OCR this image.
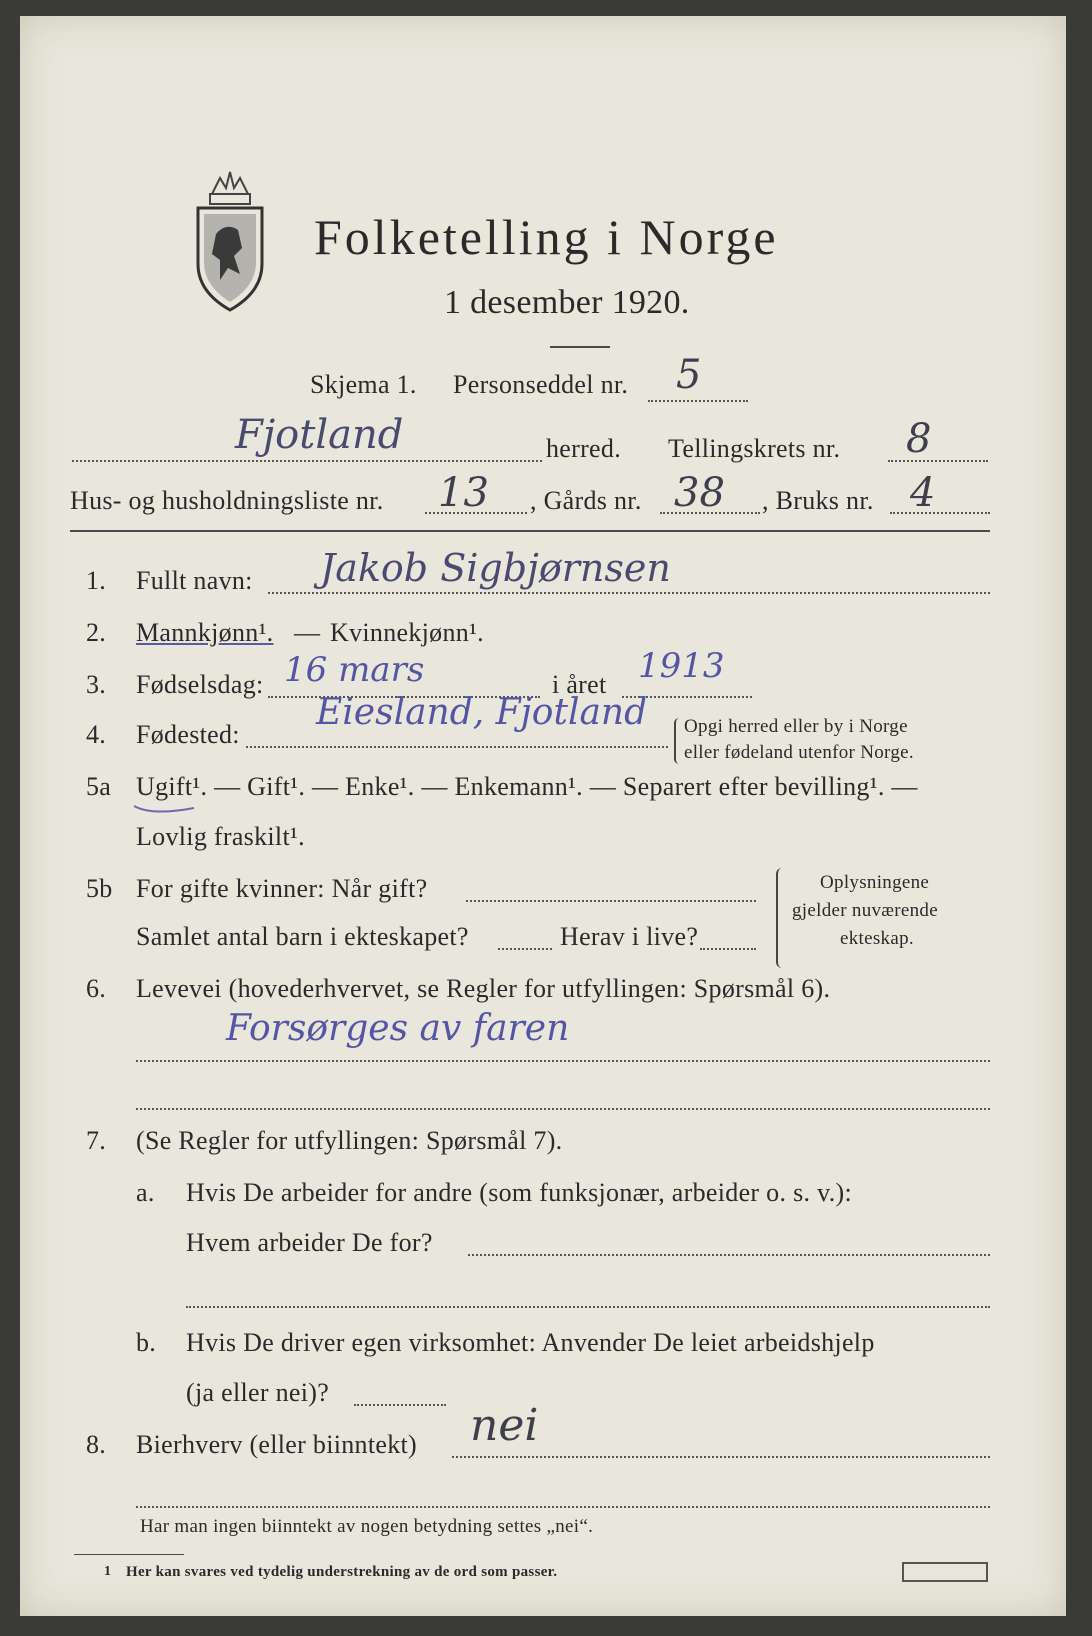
Folketelling i Norge
1 desember 1920.
Skjema 1. Personseddel nr. 5
Fjotland	herred. Tellingskrets nr. 8
Hus- og husholdningsliste nr. 13 , Gårds nr. 38 , Bruks nr. 4
1. Fullt navn: Jakob Sigbjørnsen
2. Mannkjønn¹. — Kvinnekjønn¹.
3. Fødselsdag: 16 mars	i året 1913
4. Fødested:
Eiesland, Fjotland Opgi herred eller by i Norge
eller fødeland utenfor Norge.
5a Ugift¹. — Gift¹. — Enke¹. — Enkemann¹. — Separert efter bevilling¹. —
Lovlig fraskilt¹.
5b For gifte kvinner: Når gift?
Samlet antal barn i ekteskapet?	Herav i live?
Oplysningene
gjelder nuværende
ekteskap.
6. Levevei (hovederhvervet, se Regler for utfyllingen: Spørsmål 6).
Forsørges av faren
7. (Se Regler for utfyllingen: Spørsmål 7).
a. Hvis De arbeider for andre (som funksjonær, arbeider o. s. v.):
Hvem arbeider De for?
b. Hvis De driver egen virksomhet: Anvender De leiet arbeidshjelp
(ja eller nei)?
8. Bierhverv (eller biinntekt) nei
Har man ingen biinntekt av nogen betydning settes „nei“.
1 Her kan svares ved tydelig understrekning av de ord som passer.
